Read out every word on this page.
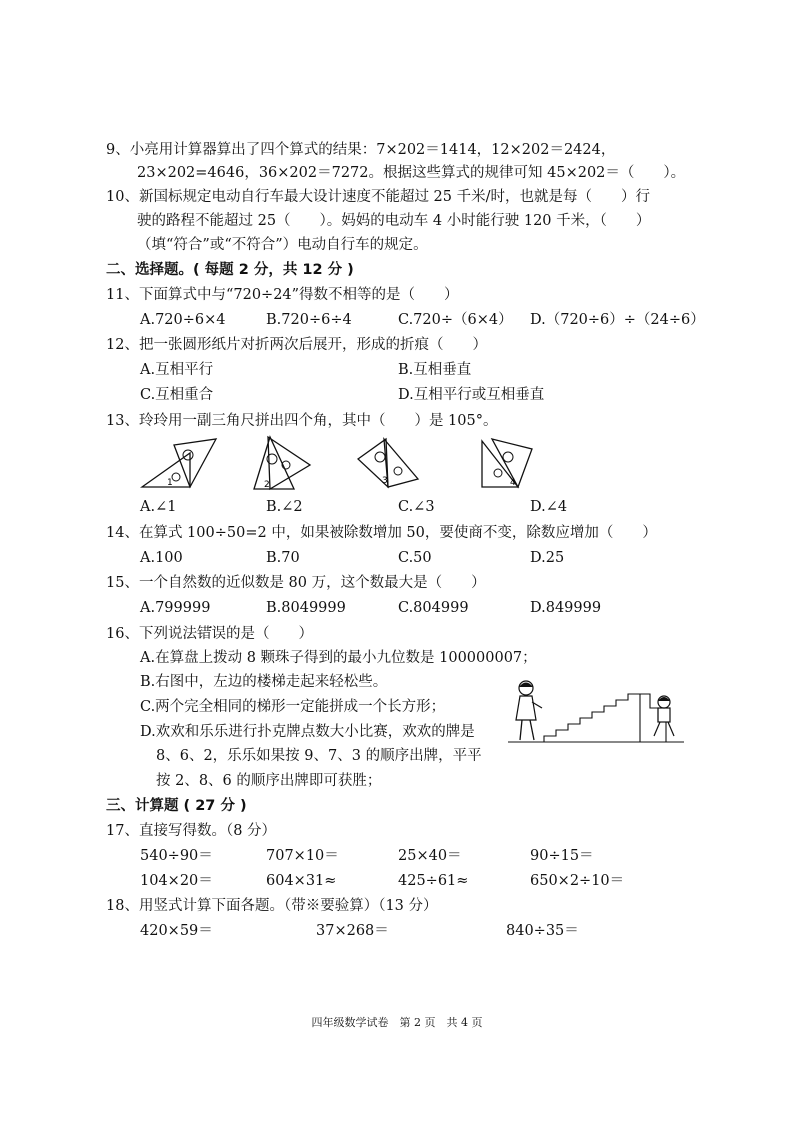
9、小亮用计算器算出了四个算式的结果：7×202＝1414，12×202＝2424，
23×202=4646，36×202＝7272。根据这些算式的规律可知 45×202＝（　　）。
10、新国标规定电动自行车最大设计速度不能超过 25 千米/时，也就是每（　　）行
驶的路程不能超过 25（　　）。妈妈的电动车 4 小时能行驶 120 千米，（　　）
（填“符合”或“不符合”）电动自行车的规定。
二、选择题。( 每题 2 分，共 12 分 )
11、下面算式中与“720÷24”得数不相等的是（　　）
A.720÷6×4	B.720÷6÷4	C.720÷（6×4） D.（720÷6）÷（24÷6）
12、把一张圆形纸片对折两次后展开，形成的折痕（　　）
A.互相平行	B.互相垂直
C.互相重合	D.互相平行或互相垂直
13、玲玲用一副三角尺拼出四个角，其中（　　）是 105°。
1	2	3	4
A.∠1	B.∠2	C.∠3	D.∠4
14、在算式 100÷50=2 中，如果被除数增加 50，要使商不变，除数应增加（　　）
A.100	B.70	C.50	D.25
15、一个自然数的近似数是 80 万，这个数最大是（　　）
A.799999	B.8049999	C.804999	D.849999
16、下列说法错误的是（　　）
A.在算盘上拨动 8 颗珠子得到的最小九位数是 100000007；
B.右图中，左边的楼梯走起来轻松些。
C.两个完全相同的梯形一定能拼成一个长方形；
D.欢欢和乐乐进行扑克牌点数大小比赛，欢欢的牌是
8、6、2，乐乐如果按 9、7、3 的顺序出牌，平平
按 2、8、6 的顺序出牌即可获胜；
三、计算题 ( 27 分 )
17、直接写得数。（8 分）
540÷90＝	707×10＝	25×40＝	90÷15＝
104×20＝	604×31≈	425÷61≈	650×2÷10＝
18、用竖式计算下面各题。（带※要验算）（13 分）
420×59＝	37×268＝	840÷35＝
四年级数学试卷　第 2 页　共 4 页
